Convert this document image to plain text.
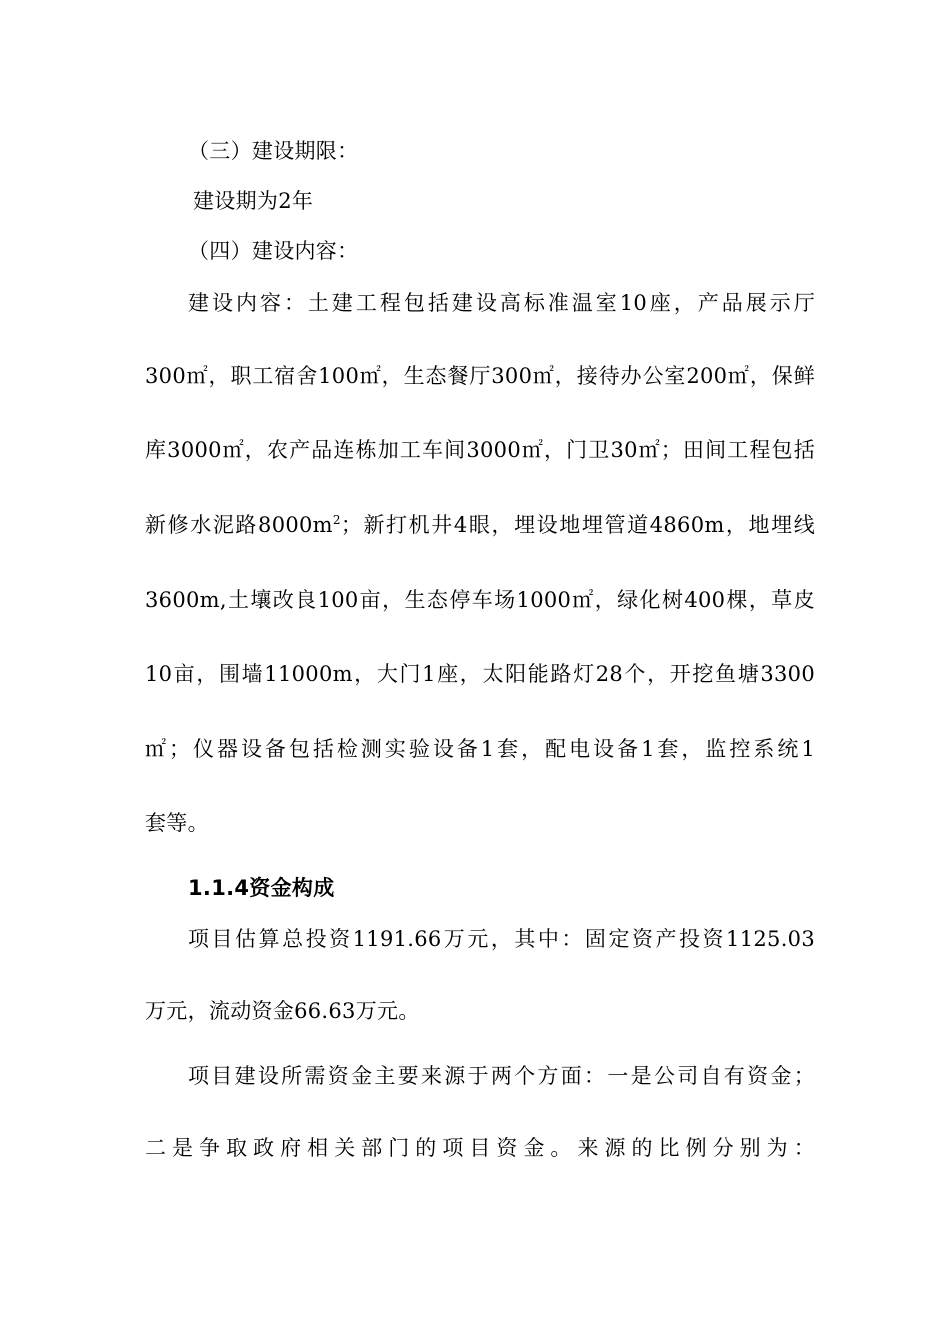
（三）建设期限：
建设期为2年
（四）建设内容：
建设内容：土建工程包括建设高标准温室10座，产品展示厅
300㎡，职工宿舍100㎡，生态餐厅300㎡，接待办公室200㎡，保鲜
库3000㎡，农产品连栋加工车间3000㎡，门卫30㎡；田间工程包括
新修水泥路$8000m^2$；新打机井4眼，埋设地埋管道4860m，地埋线
3600m,土壤改良100亩，生态停车场1000㎡，绿化树400棵，草皮
10亩，围墙11000m，大门1座，太阳能路灯28个，开挖鱼塘3300
㎡；仪器设备包括检测实验设备1套，配电设备1套，监控系统1
套等。
1.1.4资金构成
项目估算总投资1191.66万元，其中：固定资产投资1125.03
万元，流动资金66.63万元。
项目建设所需资金主要来源于两个方面：一是公司自有资金；
二是争取政府相关部门的项目资金。来源的比例分别为：
